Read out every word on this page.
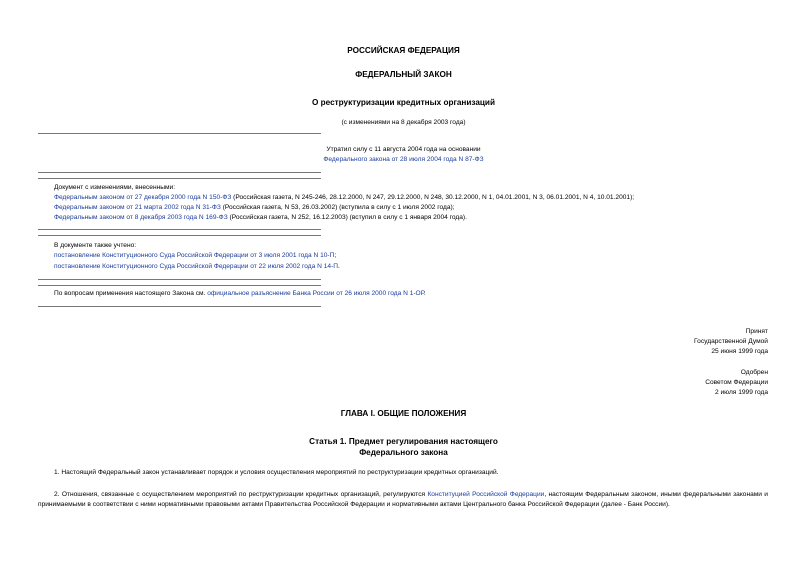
РОССИЙСКАЯ ФЕДЕРАЦИЯ
ФЕДЕРАЛЬНЫЙ ЗАКОН
О реструктуризации кредитных организаций
(с изменениями на 8 декабря 2003 года)
Утратил силу с 11 августа 2004 года на основании
Федерального закона от 28 июля 2004 года N 87-ФЗ
Документ с изменениями, внесенными:
Федеральным законом от 27 декабря 2000 года N 150-ФЗ (Российская газета, N 245-246, 28.12.2000, N 247, 29.12.2000, N 248, 30.12.2000, N 1, 04.01.2001, N 3, 06.01.2001, N 4, 10.01.2001);
Федеральным законом от 21 марта 2002 года N 31-ФЗ (Российская газета, N 53, 26.03.2002) (вступила в силу с 1 июля 2002 года);
Федеральным законом от 8 декабря 2003 года N 169-ФЗ (Российская газета, N 252, 16.12.2003) (вступил в силу с 1 января 2004 года).
В документе также учтено:
постановление Конституционного Суда Российской Федерации от 3 июля 2001 года N 10-П;
постановление Конституционного Суда Российской Федерации от 22 июля 2002 года N 14-П.
По вопросам применения настоящего Закона см. официальное разъяснение Банка России от 26 июля 2000 года N 1-ОР.
Принят
Государственной Думой
25 июня 1999 года
Одобрен
Советом Федерации
2 июля 1999 года
ГЛАВА I. ОБЩИЕ ПОЛОЖЕНИЯ
Статья 1. Предмет регулирования настоящего
Федерального закона
1. Настоящий Федеральный закон устанавливает порядок и условия осуществления мероприятий по реструктуризации кредитных организаций.
2. Отношения, связанные с осуществлением мероприятий по реструктуризации кредитных организаций, регулируются Конституцией Российской Федерации, настоящим Федеральным законом, иными федеральными законами и принимаемыми в соответствии с ними нормативными правовыми актами Правительства Российской Федерации и нормативными актами Центрального банка Российской Федерации (далее - Банк России).
